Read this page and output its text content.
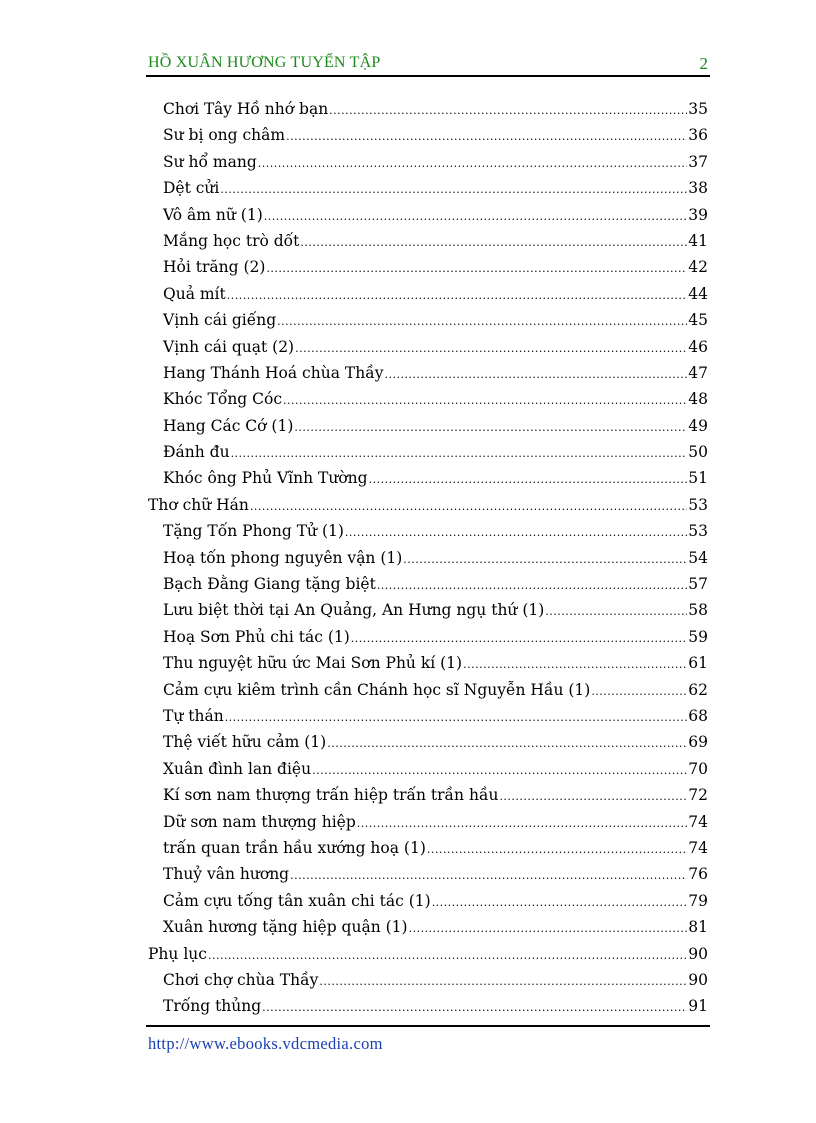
HỒ XUÂN HƯƠNG TUYỂN TẬP	2
Chơi Tây Hồ nhớ bạn .....	35
Sư bị ong châm .....	36
Sư hổ mang .....	37
Dệt cửi .....	38
Vô âm nữ (1) .....	39
Mắng học trò dốt .....	41
Hỏi trăng (2) .....	42
Quả mít .....	44
Vịnh cái giếng .....	45
Vịnh cái quạt (2) .....	46
Hang Thánh Hoá chùa Thầy .....	47
Khóc Tổng Cóc .....	48
Hang Các Cớ (1) .....	49
Đánh đu .....	50
Khóc ông Phủ Vĩnh Tường .....	51
Thơ chữ Hán .....	53
Tặng Tốn Phong Tử (1) .....	53
Hoạ tốn phong nguyên vận (1) .....	54
Bạch Đằng Giang tặng biệt .....	57
Lưu biệt thời tại An Quảng, An Hưng ngụ thứ (1) .....	58
Hoạ Sơn Phủ chi tác (1) .....	59
Thu nguyệt hữu ức Mai Sơn Phủ kí (1) .....	61
Cảm cựu kiêm trình cần Chánh học sĩ Nguyễn Hầu (1) .....	62
Tự thán .....	68
Thệ viết hữu cảm (1) .....	69
Xuân đình lan điệu .....	70
Kí sơn nam thượng trấn hiệp trấn trần hầu .....	72
Dữ sơn nam thượng hiệp .....	74
trấn quan trần hầu xướng hoạ (1) .....	74
Thuỷ vân hương .....	76
Cảm cựu tống tân xuân chi tác (1) .....	79
Xuân hương tặng hiệp quận (1) .....	81
Phụ lục .....	90
Chơi chợ chùa Thầy .....	90
Trống thủng .....	91
http://www.ebooks.vdcmedia.com
